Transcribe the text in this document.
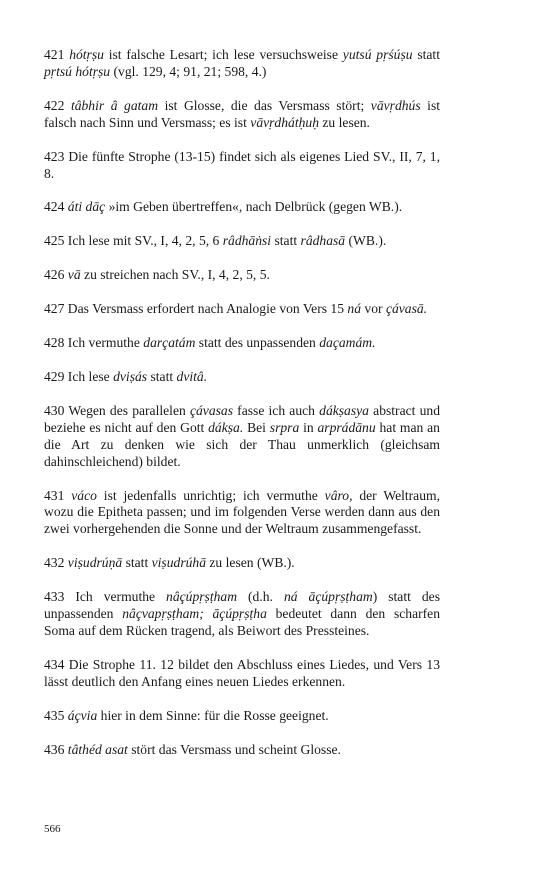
421 hótṛṣu ist falsche Lesart; ich lese versuchsweise yutsú pṛśúṣu statt pṛtsú hótṛṣu (vgl. 129, 4; 91, 21; 598, 4.)

422 tâbhir â gatam ist Glosse, die das Versmass stört; vāvṛdhús ist falsch nach Sinn und Versmass; es ist vāvṛdhátḥuḥ zu lesen.

423 Die fünfte Strophe (13-15) findet sich als eigenes Lied SV., II, 7, 1, 8.

424 áti dāç »im Geben übertreffen«, nach Delbrück (gegen WB.).

425 Ich lese mit SV., I, 4, 2, 5, 6 râdhāṅsi statt râdhasā (WB.).

426 vā zu streichen nach SV., I, 4, 2, 5, 5.

427 Das Versmass erfordert nach Analogie von Vers 15 ná vor çávasā.

428 Ich vermuthe darçatám statt des unpassenden daçamám.

429 Ich lese dviṣás statt dvitâ.

430 Wegen des parallelen çávasas fasse ich auch dákṣasya abstract und beziehe es nicht auf den Gott dákṣa. Bei srpra in arprádānu hat man an die Art zu denken wie sich der Thau unmerklich (gleichsam dahinschleichend) bildet.

431 váco ist jedenfalls unrichtig; ich vermuthe vâro, der Weltraum, wozu die Epitheta passen; und im folgenden Verse werden dann aus den zwei vorhergehenden die Sonne und der Weltraum zusammengefasst.

432 viṣudrúṇā statt viṣudrúhā zu lesen (WB.).

433 Ich vermuthe nâçúpṛṣṭham (d.h. ná āçúpṛṣṭham) statt des unpassenden nâçvapṛṣṭham; āçúpṛṣṭha bedeutet dann den scharfen Soma auf dem Rücken tragend, als Beiwort des Pressteines.

434 Die Strophe 11. 12 bildet den Abschluss eines Liedes, und Vers 13 lässt deutlich den Anfang eines neuen Liedes erkennen.

435 áçvia hier in dem Sinne: für die Rosse geeignet.

436 tâthéd asat stört das Versmass und scheint Glosse.

566
